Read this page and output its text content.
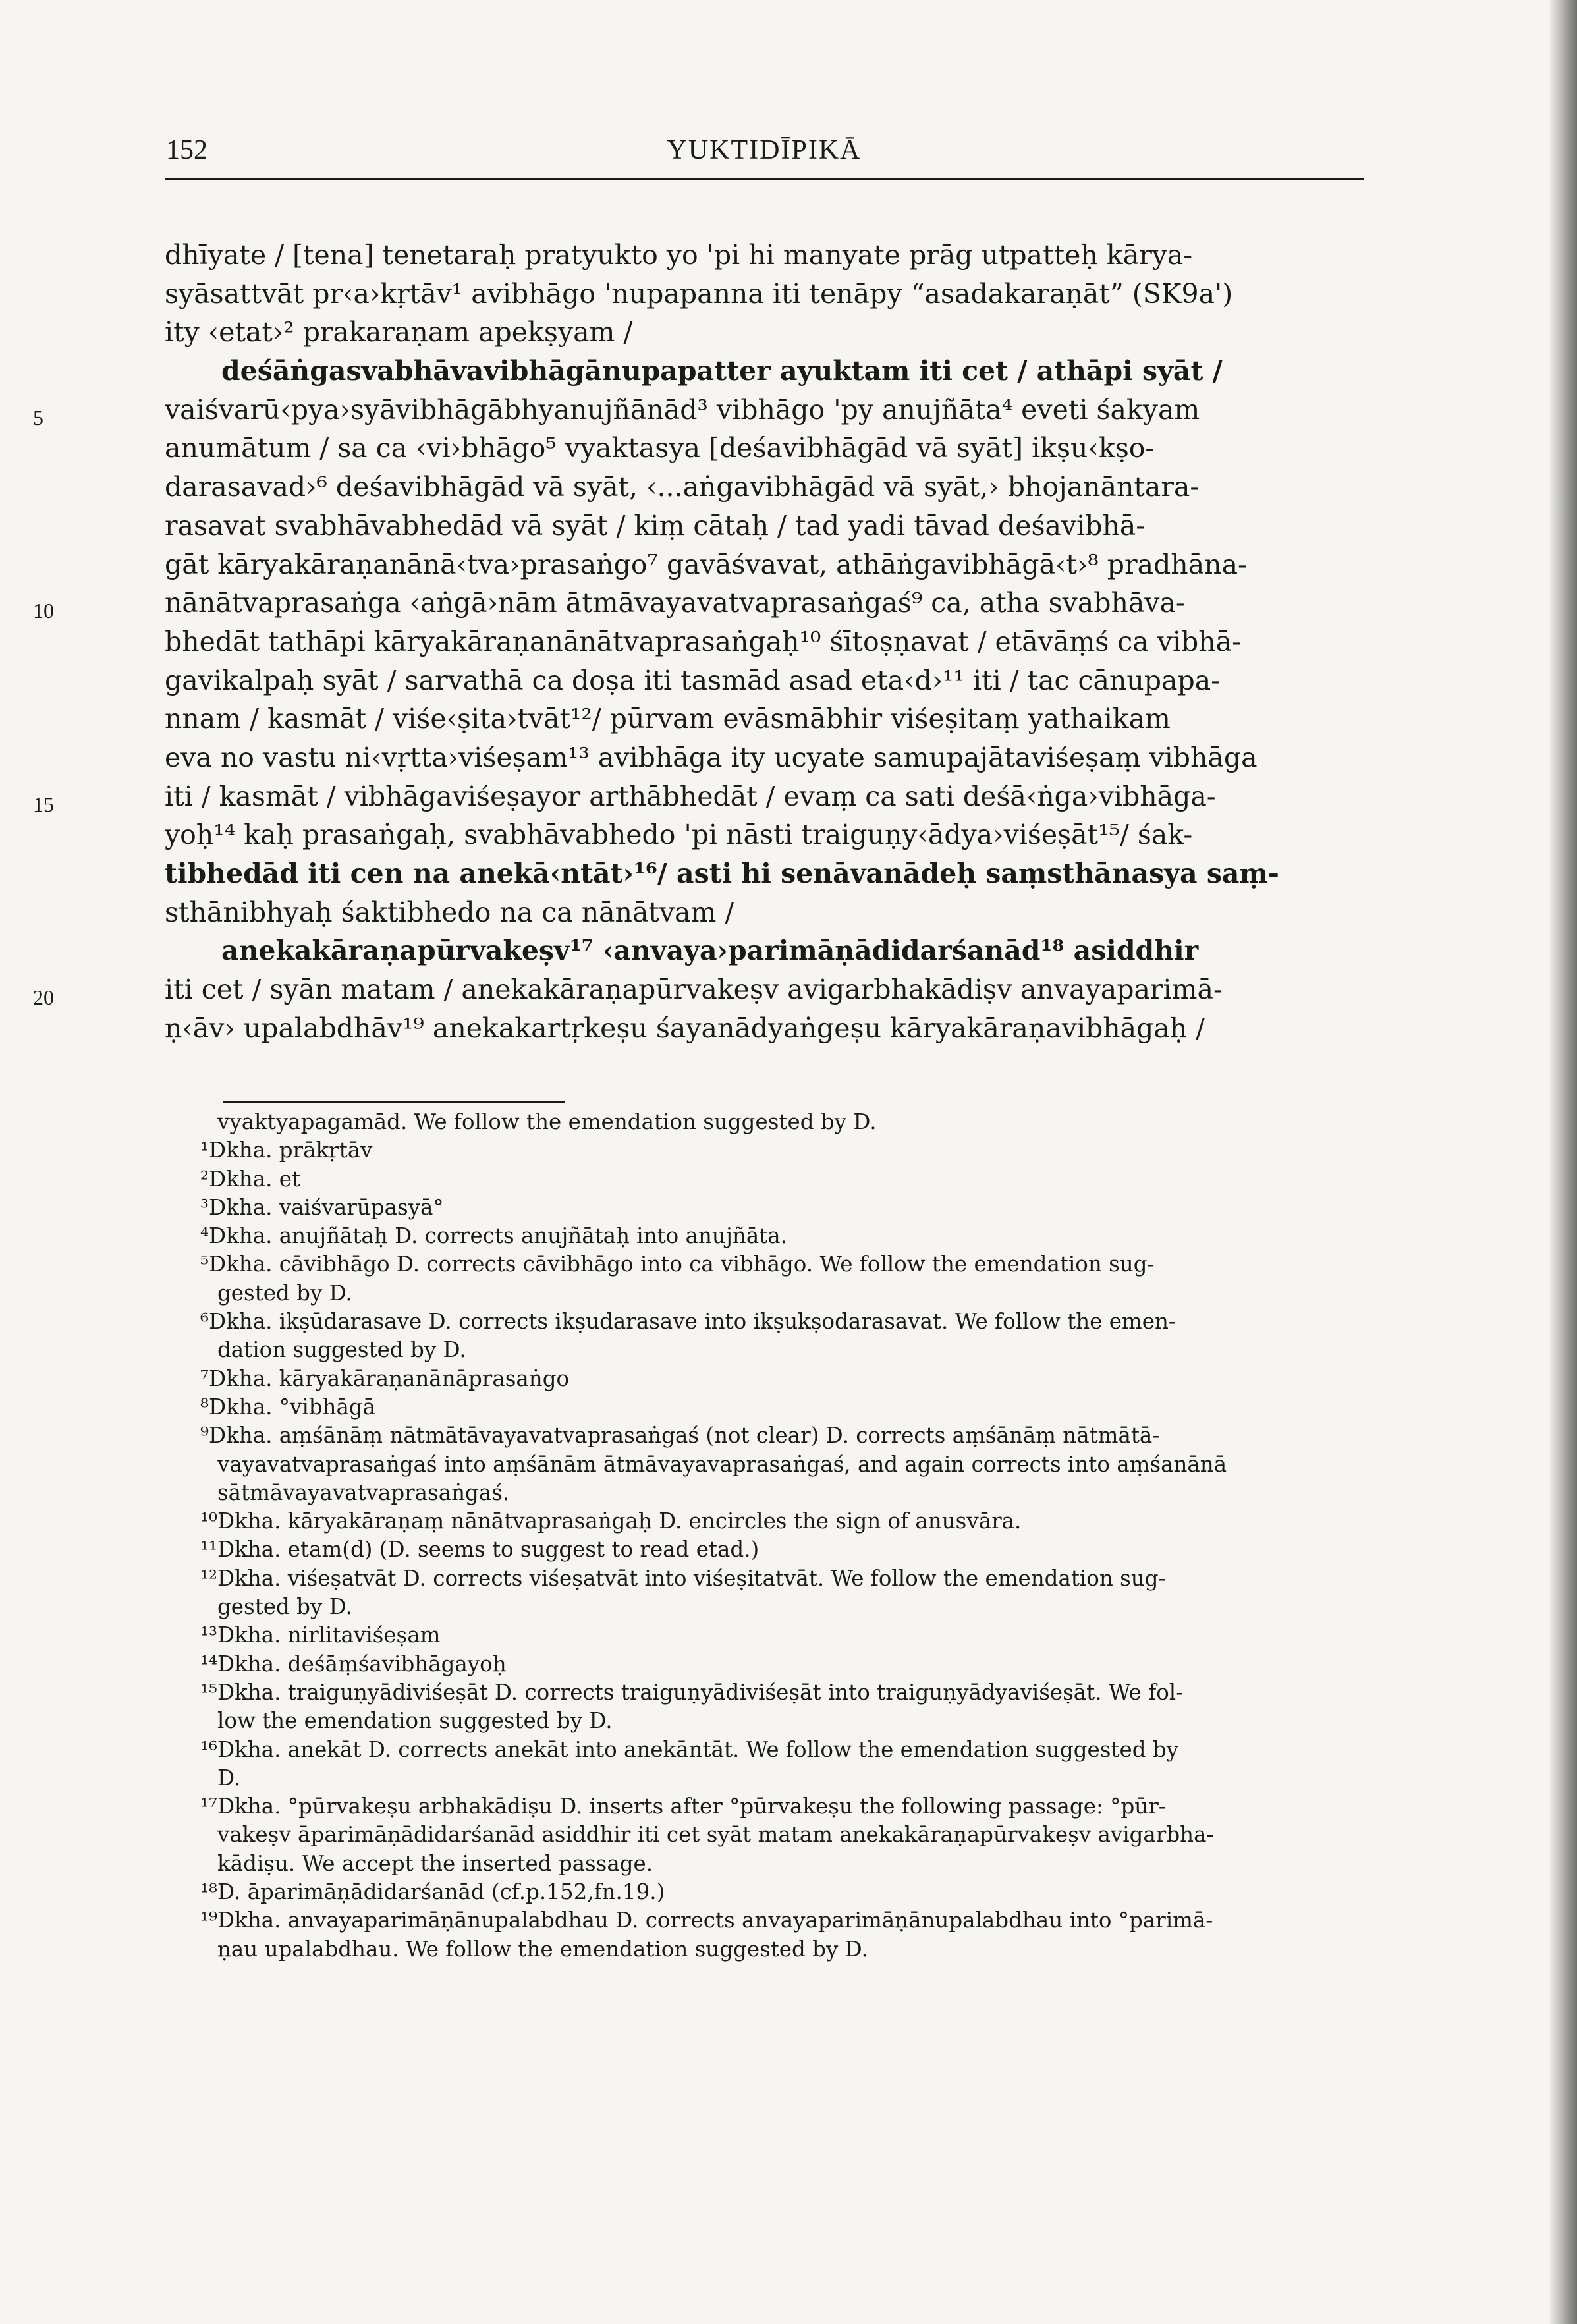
152	YUKTIDĪPIKĀ
5
10
15
20
dhīyate / [tena] tenetaraḥ pratyukto yo 'pi hi manyate prāg utpatteḥ kārya-
syāsattvāt pr‹a›kṛtāv¹ avibhāgo 'nupapanna iti tenāpy “asadakaraṇāt” (SK9a')
ity ‹etat›² prakaraṇam apekṣyam /
deśāṅgasvabhāvavibhāgānupapatter ayuktam iti cet / athāpi syāt /
vaiśvarū‹pya›syāvibhāgābhyanujñānād³ vibhāgo 'py anujñāta⁴ eveti śakyam
anumātum / sa ca ‹vi›bhāgo⁵ vyaktasya [deśavibhāgād vā syāt] ikṣu‹kṣo-
darasavad›⁶ deśavibhāgād vā syāt, ‹...aṅgavibhāgād vā syāt,› bhojanāntara-
rasavat svabhāvabhedād vā syāt / kiṃ cātaḥ / tad yadi tāvad deśavibhā-
gāt kāryakāraṇanānā‹tva›prasaṅgo⁷ gavāśvavat, athāṅgavibhāgā‹t›⁸ pradhāna-
nānātvaprasaṅga ‹aṅgā›nām ātmāvayavatvaprasaṅgaś⁹ ca, atha svabhāva-
bhedāt tathāpi kāryakāraṇanānātvaprasaṅgaḥ¹⁰ śītoṣṇavat / etāvāṃś ca vibhā-
gavikalpaḥ syāt / sarvathā ca doṣa iti tasmād asad eta‹d›¹¹ iti / tac cānupapa-
nnam / kasmāt / viśe‹ṣita›tvāt¹²/ pūrvam evāsmābhir viśeṣitaṃ yathaikam
eva no vastu ni‹vṛtta›viśeṣam¹³ avibhāga ity ucyate samupajātaviśeṣaṃ vibhāga
iti / kasmāt / vibhāgaviśeṣayor arthābhedāt / evaṃ ca sati deśā‹ṅga›vibhāga-
yoḥ¹⁴ kaḥ prasaṅgaḥ, svabhāvabhedo 'pi nāsti traiguṇy‹ādya›viśeṣāt¹⁵/ śak-
tibhedād iti cen na anekā‹ntāt›¹⁶/ asti hi senāvanādeḥ saṃsthānasya saṃ-
sthānibhyaḥ śaktibhedo na ca nānātvam /
anekakāraṇapūrvakeṣv¹⁷ ‹anvaya›parimāṇādidarśanād¹⁸ asiddhir
iti cet / syān matam / anekakāraṇapūrvakeṣv avigarbhakādiṣv anvayaparimā-
ṇ‹āv› upalabdhāv¹⁹ anekakartṛkeṣu śayanādyaṅgeṣu kāryakāraṇavibhāgaḥ /
vyaktyapagamād. We follow the emendation suggested by D.
¹Dkha. prākṛtāv
²Dkha. et
³Dkha. vaiśvarūpasyā°
⁴Dkha. anujñātaḥ D. corrects anujñātaḥ into anujñāta.
⁵Dkha. cāvibhāgo D. corrects cāvibhāgo into ca vibhāgo. We follow the emendation sug-
gested by D.
⁶Dkha. ikṣūdarasave D. corrects ikṣudarasave into ikṣukṣodarasavat. We follow the emen-
dation suggested by D.
⁷Dkha. kāryakāraṇanānāprasaṅgo
⁸Dkha. °vibhāgā
⁹Dkha. aṃśānāṃ nātmātāvayavatvaprasaṅgaś (not clear) D. corrects aṃśānāṃ nātmātā-
vayavatvaprasaṅgaś into aṃśānām ātmāvayavaprasaṅgaś, and again corrects into aṃśanānā
sātmāvayavatvaprasaṅgaś.
¹⁰Dkha. kāryakāraṇaṃ nānātvaprasaṅgaḥ D. encircles the sign of anusvāra.
¹¹Dkha. etam(d) (D. seems to suggest to read etad.)
¹²Dkha. viśeṣatvāt D. corrects viśeṣatvāt into viśeṣitatvāt. We follow the emendation sug-
gested by D.
¹³Dkha. nirlitaviśeṣam
¹⁴Dkha. deśāṃśavibhāgayoḥ
¹⁵Dkha. traiguṇyādiviśeṣāt D. corrects traiguṇyādiviśeṣāt into traiguṇyādyaviśeṣāt. We fol-
low the emendation suggested by D.
¹⁶Dkha. anekāt D. corrects anekāt into anekāntāt. We follow the emendation suggested by
D.
¹⁷Dkha. °pūrvakeṣu arbhakādiṣu D. inserts after °pūrvakeṣu the following passage: °pūr-
vakeṣv āparimāṇādidarśanād asiddhir iti cet syāt matam anekakāraṇapūrvakeṣv avigarbha-
kādiṣu. We accept the inserted passage.
¹⁸D. āparimāṇādidarśanād (cf.p.152,fn.19.)
¹⁹Dkha. anvayaparimāṇānupalabdhau D. corrects anvayaparimāṇānupalabdhau into °parimā-
ṇau upalabdhau. We follow the emendation suggested by D.
